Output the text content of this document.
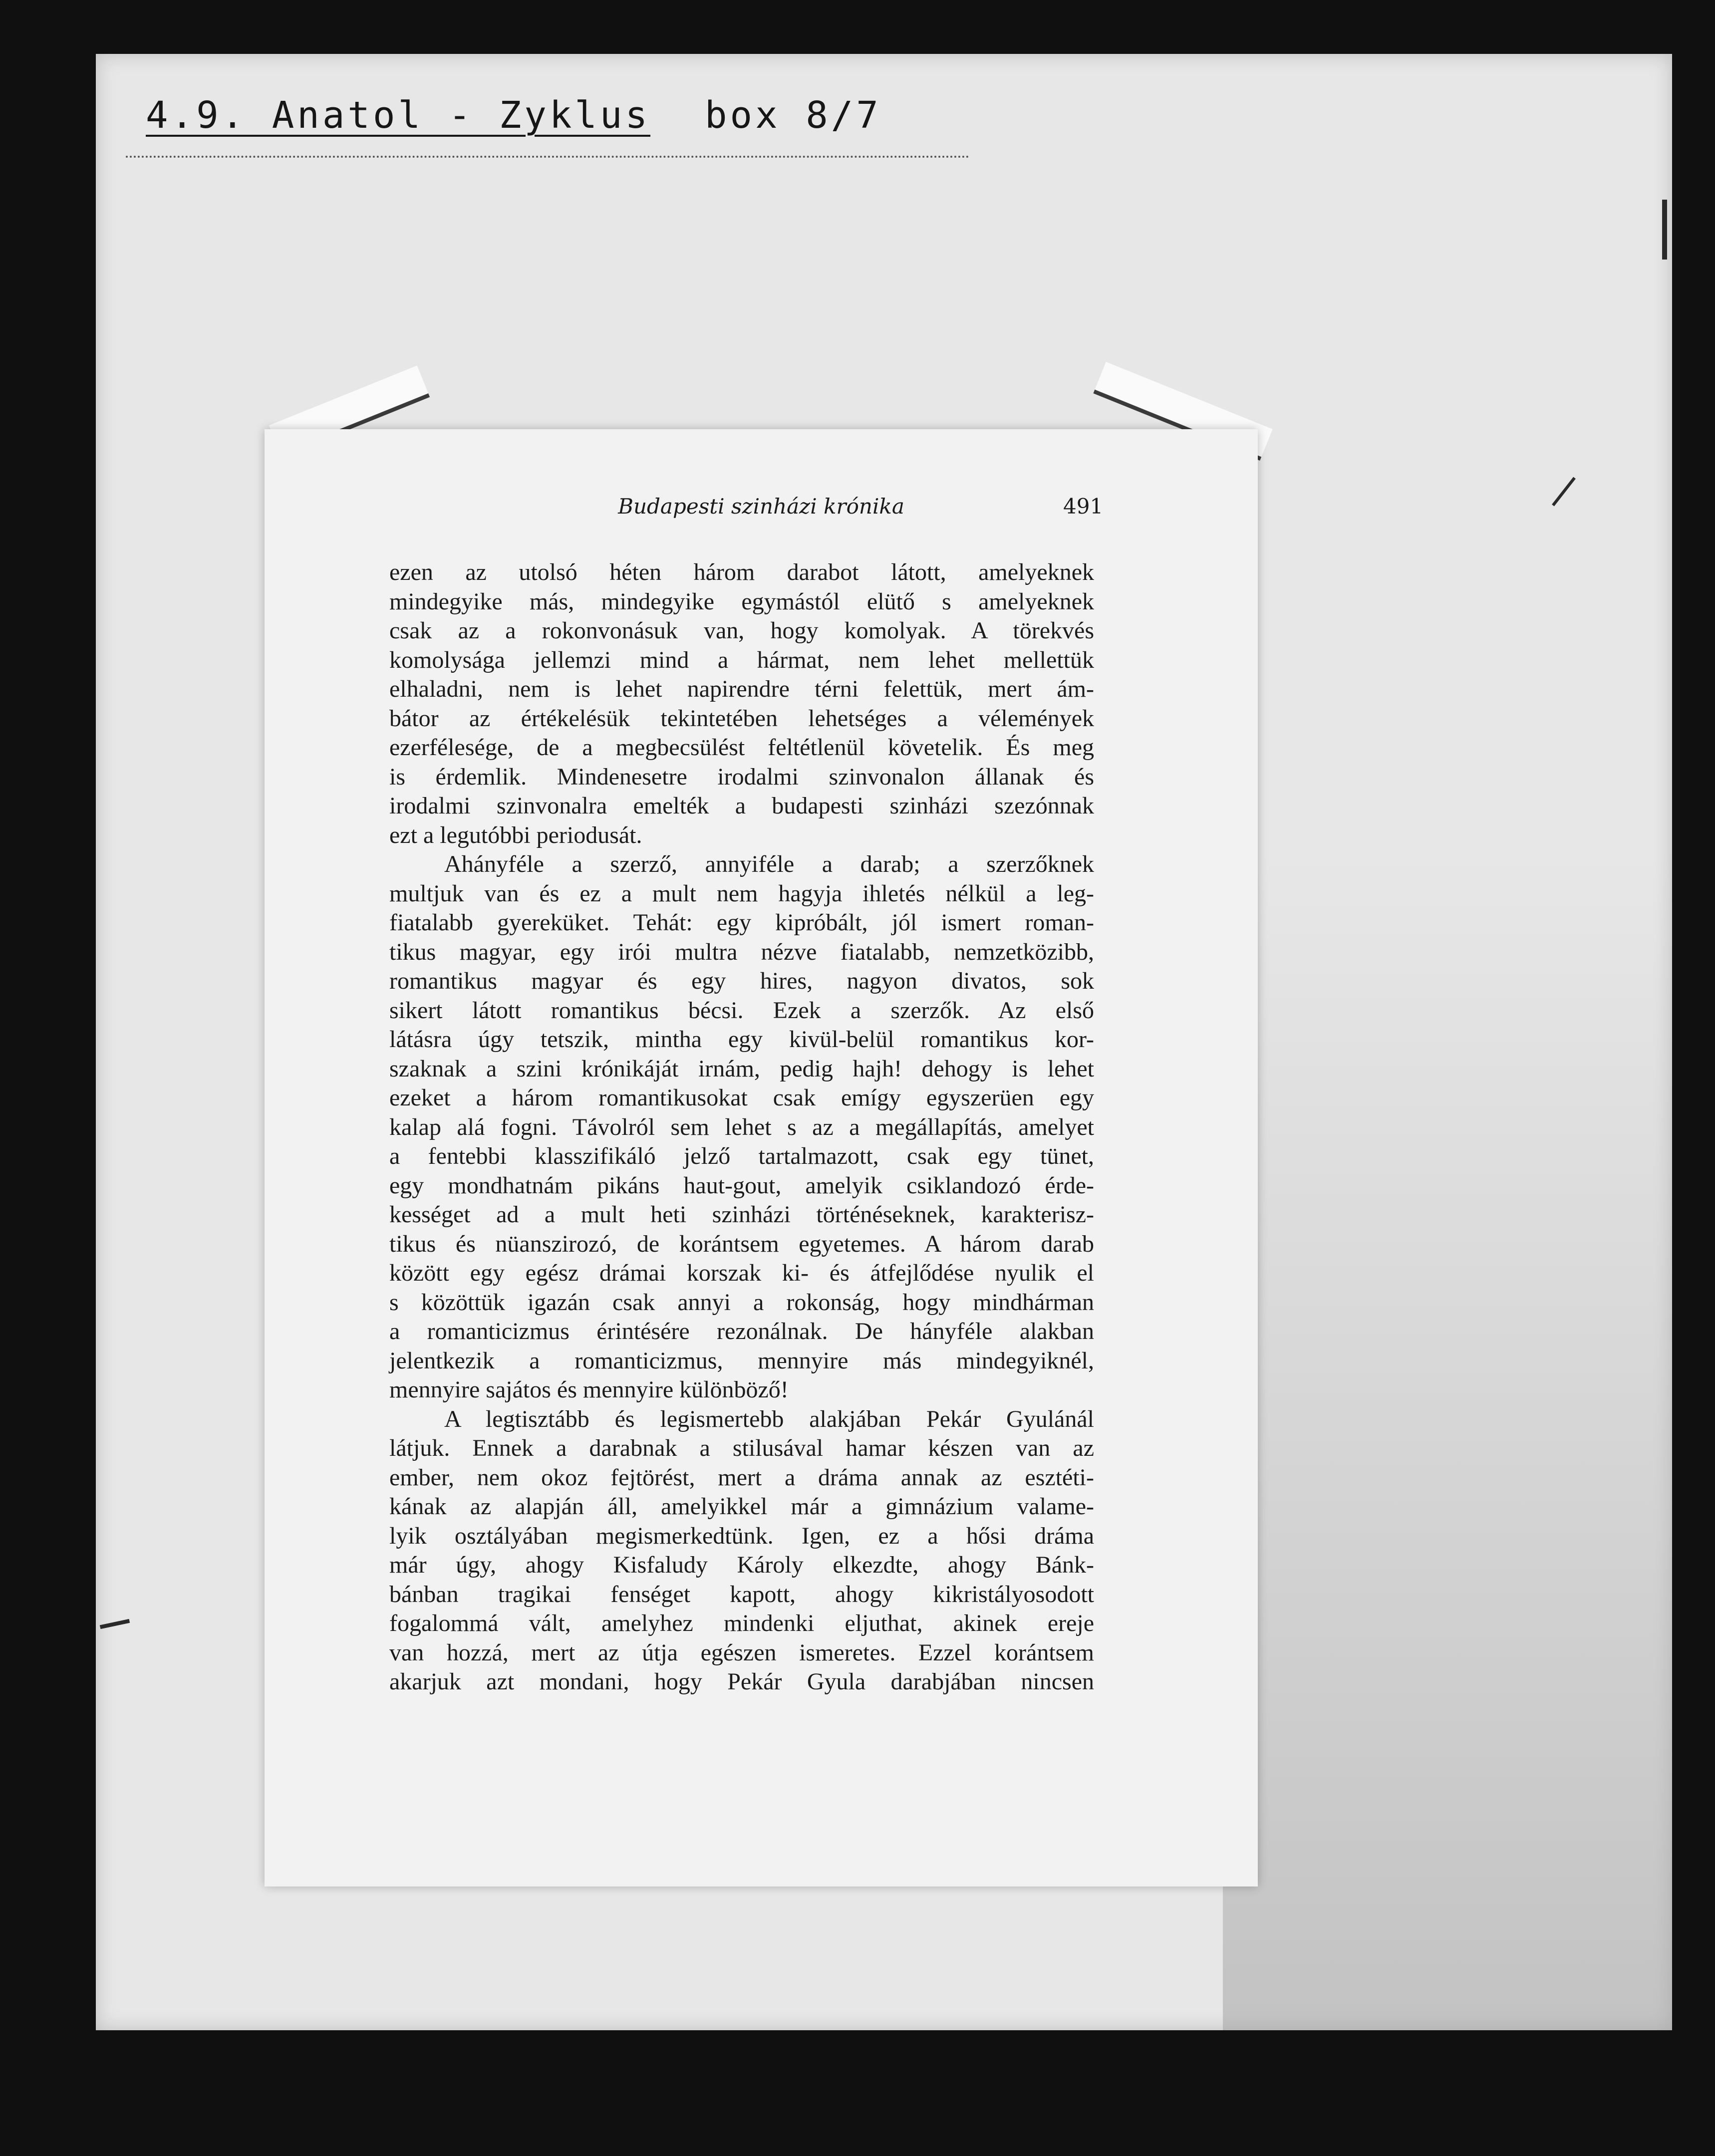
4.9. Anatol - Zyklus box 8/7
Budapesti szinházi krónika	491
ezen az utolsó héten három darabot látott, amelyeknek
mindegyike más, mindegyike egymástól elütő s amelyeknek
csak az a rokonvonásuk van, hogy komolyak. A törekvés
komolysága jellemzi mind a hármat, nem lehet mellettük
elhaladni, nem is lehet napirendre térni felettük, mert ám-
bátor az értékelésük tekintetében lehetséges a vélemények
ezerfélesége, de a megbecsülést feltétlenül követelik. És meg
is érdemlik. Mindenesetre irodalmi szinvonalon állanak és
irodalmi szinvonalra emelték a budapesti szinházi szezónnak
ezt a legutóbbi periodusát.
Ahányféle a szerző, annyiféle a darab; a szerzőknek
multjuk van és ez a mult nem hagyja ihletés nélkül a leg-
fiatalabb gyereküket. Tehát: egy kipróbált, jól ismert roman-
tikus magyar, egy irói multra nézve fiatalabb, nemzetközibb,
romantikus magyar és egy hires, nagyon divatos, sok
sikert látott romantikus bécsi. Ezek a szerzők. Az első
látásra úgy tetszik, mintha egy kivül-belül romantikus kor-
szaknak a szini krónikáját irnám, pedig hajh! dehogy is lehet
ezeket a három romantikusokat csak emígy egyszerüen egy
kalap alá fogni. Távolról sem lehet s az a megállapítás, amelyet
a fentebbi klasszifikáló jelző tartalmazott, csak egy tünet,
egy mondhatnám pikáns haut-gout, amelyik csiklandozó érde-
kességet ad a mult heti szinházi történéseknek, karakterisz-
tikus és nüanszirozó, de korántsem egyetemes. A három darab
között egy egész drámai korszak ki- és átfejlődése nyulik el
s közöttük igazán csak annyi a rokonság, hogy mindhárman
a romanticizmus érintésére rezonálnak. De hányféle alakban
jelentkezik a romanticizmus, mennyire más mindegyiknél,
mennyire sajátos és mennyire különböző!
A legtisztább és legismertebb alakjában Pekár Gyulánál
látjuk. Ennek a darabnak a stilusával hamar készen van az
ember, nem okoz fejtörést, mert a dráma annak az esztéti-
kának az alapján áll, amelyikkel már a gimnázium valame-
lyik osztályában megismerkedtünk. Igen, ez a hősi dráma
már úgy, ahogy Kisfaludy Károly elkezdte, ahogy Bánk-
bánban tragikai fenséget kapott, ahogy kikristályosodott
fogalommá vált, amelyhez mindenki eljuthat, akinek ereje
van hozzá, mert az útja egészen ismeretes. Ezzel korántsem
akarjuk azt mondani, hogy Pekár Gyula darabjában nincsen
